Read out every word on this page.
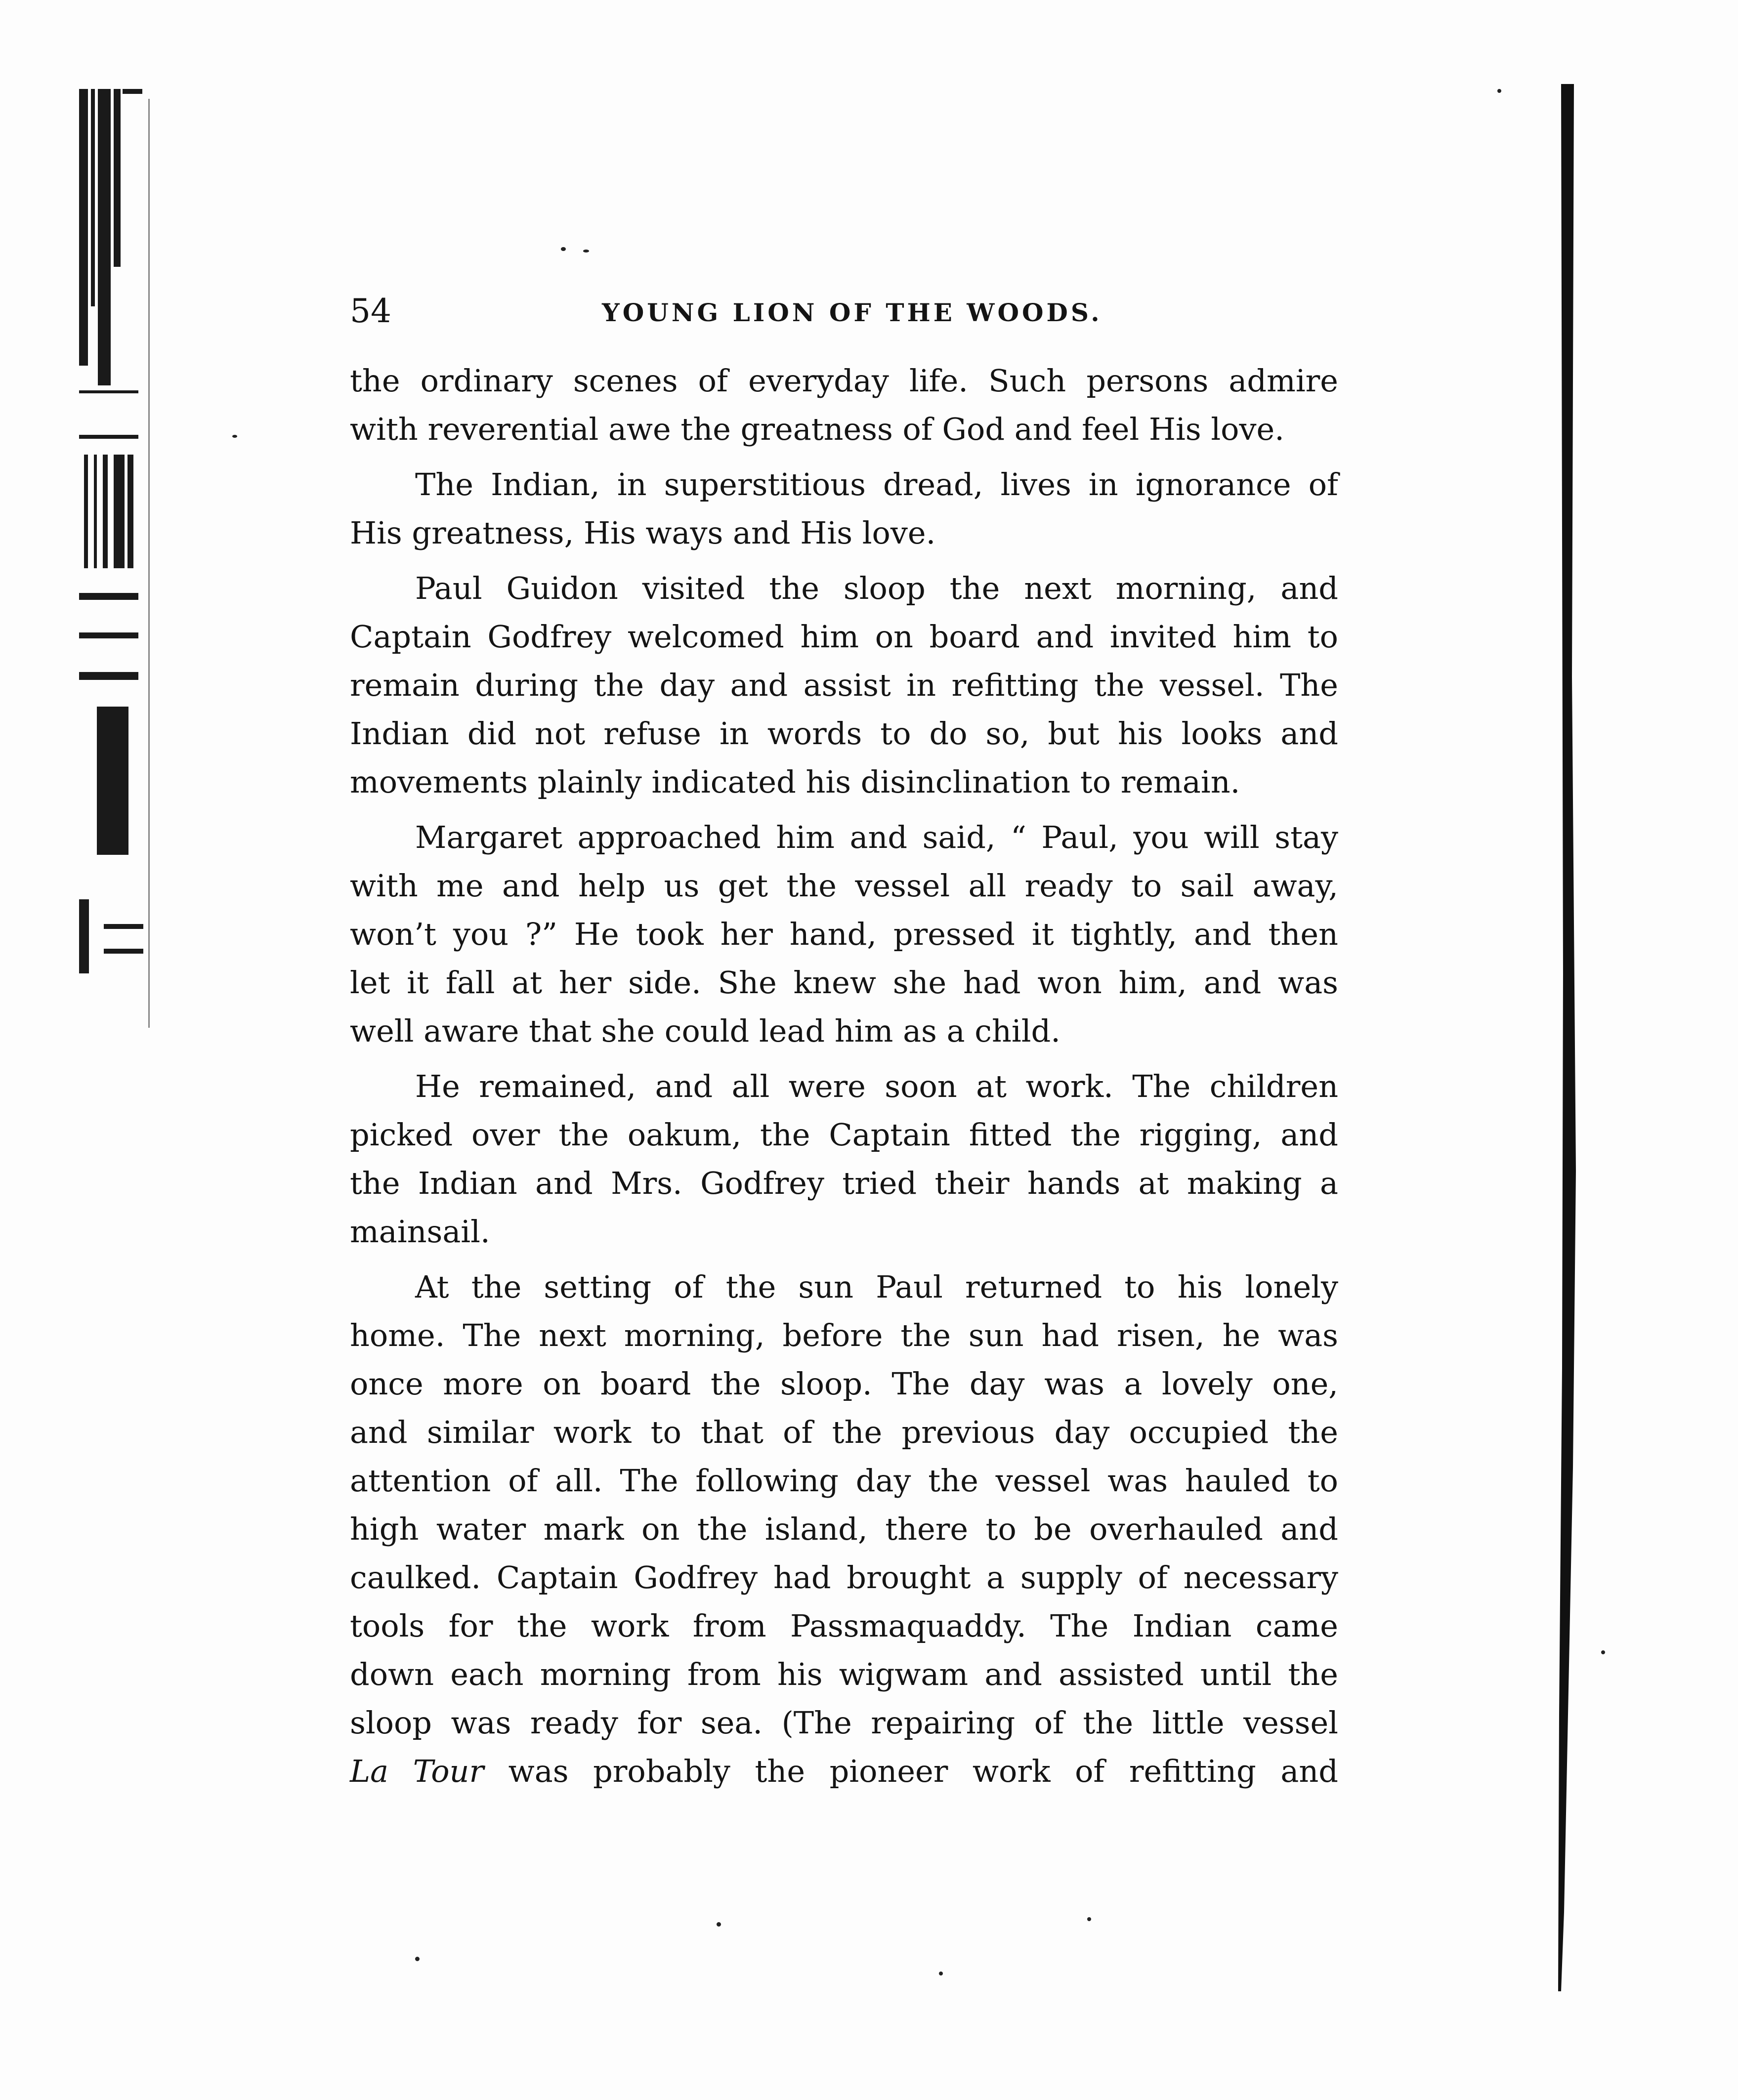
54	YOUNG LION OF THE WOODS.

the ordinary scenes of everyday life. Such persons admire
with reverential awe the greatness of God and feel His love.

The Indian, in superstitious dread, lives in ignorance of
His greatness, His ways and His love.

Paul Guidon visited the sloop the next morning, and
Captain Godfrey welcomed him on board and invited him to
remain during the day and assist in refitting the vessel. The
Indian did not refuse in words to do so, but his looks and
movements plainly indicated his disinclination to remain.

Margaret approached him and said, “ Paul, you will stay
with me and help us get the vessel all ready to sail away,
won’t you ?” He took her hand, pressed it tightly, and then
let it fall at her side. She knew she had won him, and was
well aware that she could lead him as a child.

He remained, and all were soon at work. The children
picked over the oakum, the Captain fitted the rigging, and
the Indian and Mrs. Godfrey tried their hands at making a
mainsail.

At the setting of the sun Paul returned to his lonely
home. The next morning, before the sun had risen, he was
once more on board the sloop. The day was a lovely one,
and similar work to that of the previous day occupied the
attention of all. The following day the vessel was hauled to
high water mark on the island, there to be overhauled and
caulked. Captain Godfrey had brought a supply of necessary
tools for the work from Passmaquaddy. The Indian came
down each morning from his wigwam and assisted until the
sloop was ready for sea. (The repairing of the little vessel
La Tour was probably the pioneer work of refitting and
